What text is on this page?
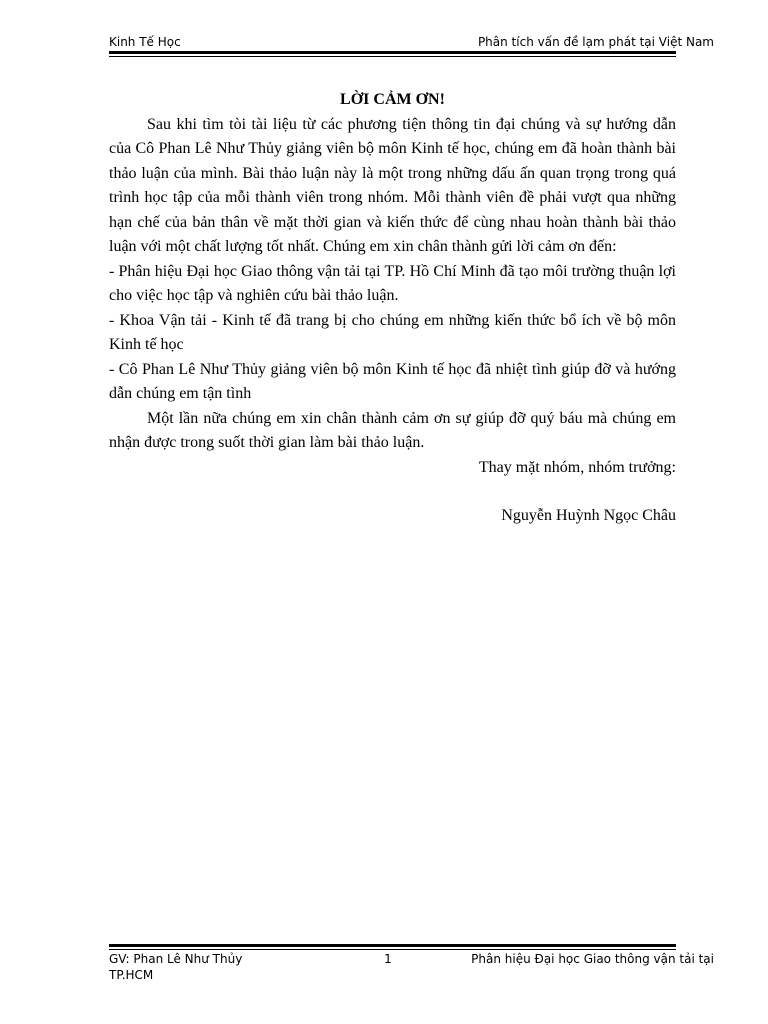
Kinh Tế Học	Phân tích vấn đề lạm phát tại Việt Nam

LỜI CẢM ƠN!

Sau khi tìm tòi tài liệu từ các phương tiện thông tin đại chúng và sự hướng dẫn của Cô Phan Lê Như Thủy giảng viên bộ môn Kinh tế học, chúng em đã hoàn thành bài thảo luận của mình. Bài thảo luận này là một trong những dấu ấn quan trọng trong quá trình học tập của mỗi thành viên trong nhóm. Mỗi thành viên đề phải vượt qua những hạn chế của bản thân về mặt thời gian và kiến thức để cùng nhau hoàn thành bài thảo luận với một chất lượng tốt nhất. Chúng em xin chân thành gửi lời cảm ơn đến:

- Phân hiệu Đại học Giao thông vận tải tại TP. Hồ Chí Minh đã tạo môi trường thuận lợi cho việc học tập và nghiên cứu bài thảo luận.

- Khoa Vận tải - Kinh tế đã trang bị cho chúng em những kiến thức bổ ích về bộ môn Kinh tế học

- Cô Phan Lê Như Thủy giảng viên bộ môn Kinh tế học đã nhiệt tình giúp đỡ và hướng dẫn chúng em tận tình

Một lần nữa chúng em xin chân thành cảm ơn sự giúp đỡ quý báu mà chúng em nhận được trong suốt thời gian làm bài thảo luận.

Thay mặt nhóm, nhóm trưởng:

Nguyễn Huỳnh Ngọc Châu

GV: Phan Lê Như Thủy TP.HCM
1	Phân hiệu Đại học Giao thông vận tải tại
